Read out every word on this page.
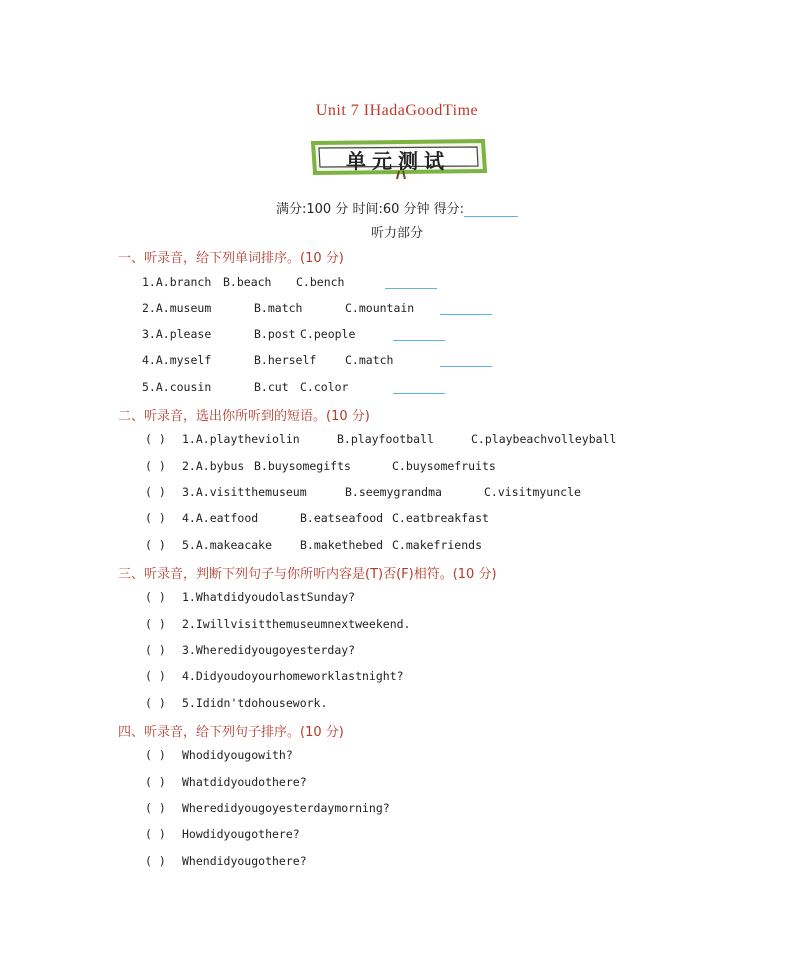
Unit 7 IHadaGoodTime
单元测试
满分:100 分 时间:60 分钟 得分:
听力部分
一、听录音，给下列单词排序。(10 分)
1.A.branch B.beach C.bench
2.A.museum	B.match	C.mountain
3.A.please	B.post C.people
4.A.myself	B.herself C.match
5.A.cousin	B.cut C.color
二、听录音，选出你所听到的短语。(10 分)
( ) 1.A.playtheviolin	B.playfootball	C.playbeachvolleyball
( ) 2.A.bybus B.buysomegifts	C.buysomefruits
( ) 3.A.visitthemuseum	B.seemygrandma	C.visitmyuncle
( ) 4.A.eatfood	B.eatseafood C.eatbreakfast
( ) 5.A.makeacake B.makethebed C.makefriends
三、听录音，判断下列句子与你所听内容是(T)否(F)相符。(10 分)
( ) 1.WhatdidyoudolastSunday?
( ) 2.Iwillvisitthemuseumnextweekend.
( ) 3.Wheredidyougoyesterday?
( ) 4.Didyoudoyourhomeworklastnight?
( ) 5.Ididn'tdohousework.
四、听录音，给下列句子排序。(10 分)
( ) Whodidyougowith?
( ) Whatdidyoudothere?
( ) Wheredidyougoyesterdaymorning?
( ) Howdidyougothere?
( ) Whendidyougothere?
